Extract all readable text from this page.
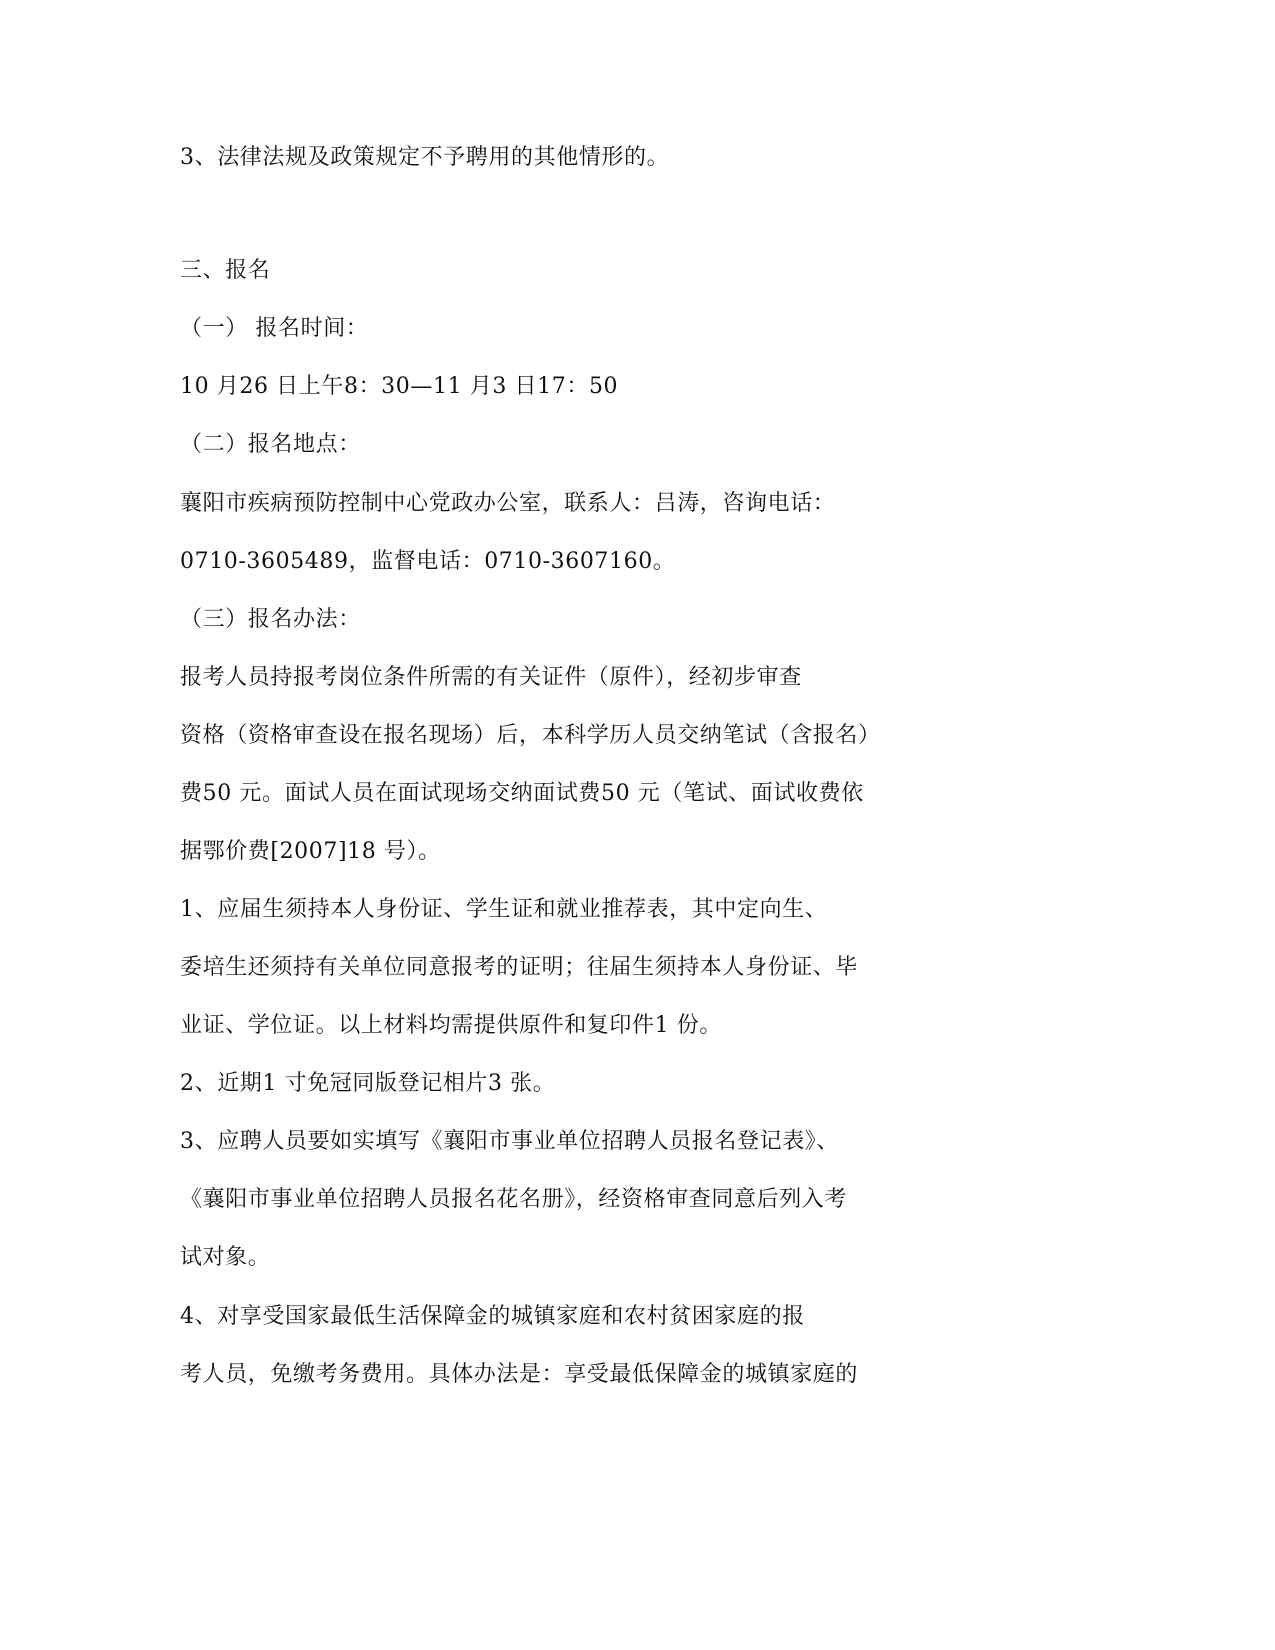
3、法律法规及政策规定不予聘用的其他情形的。
三、报名
（一） 报名时间：
10 月26 日上午8：30—11 月3 日17：50
（二）报名地点：
襄阳市疾病预防控制中心党政办公室，联系人：吕涛，咨询电话：
0710-3605489，监督电话：0710-3607160。
（三）报名办法：
报考人员持报考岗位条件所需的有关证件（原件），经初步审查
资格（资格审查设在报名现场）后，本科学历人员交纳笔试（含报名）
费50 元。面试人员在面试现场交纳面试费50 元（笔试、面试收费依
据鄂价费[2007]18 号）。
1、应届生须持本人身份证、学生证和就业推荐表，其中定向生、
委培生还须持有关单位同意报考的证明；往届生须持本人身份证、毕
业证、学位证。以上材料均需提供原件和复印件1 份。
2、近期1 寸免冠同版登记相片3 张。
3、应聘人员要如实填写《襄阳市事业单位招聘人员报名登记表》、
《襄阳市事业单位招聘人员报名花名册》，经资格审查同意后列入考
试对象。
4、对享受国家最低生活保障金的城镇家庭和农村贫困家庭的报
考人员，免缴考务费用。具体办法是：享受最低保障金的城镇家庭的
